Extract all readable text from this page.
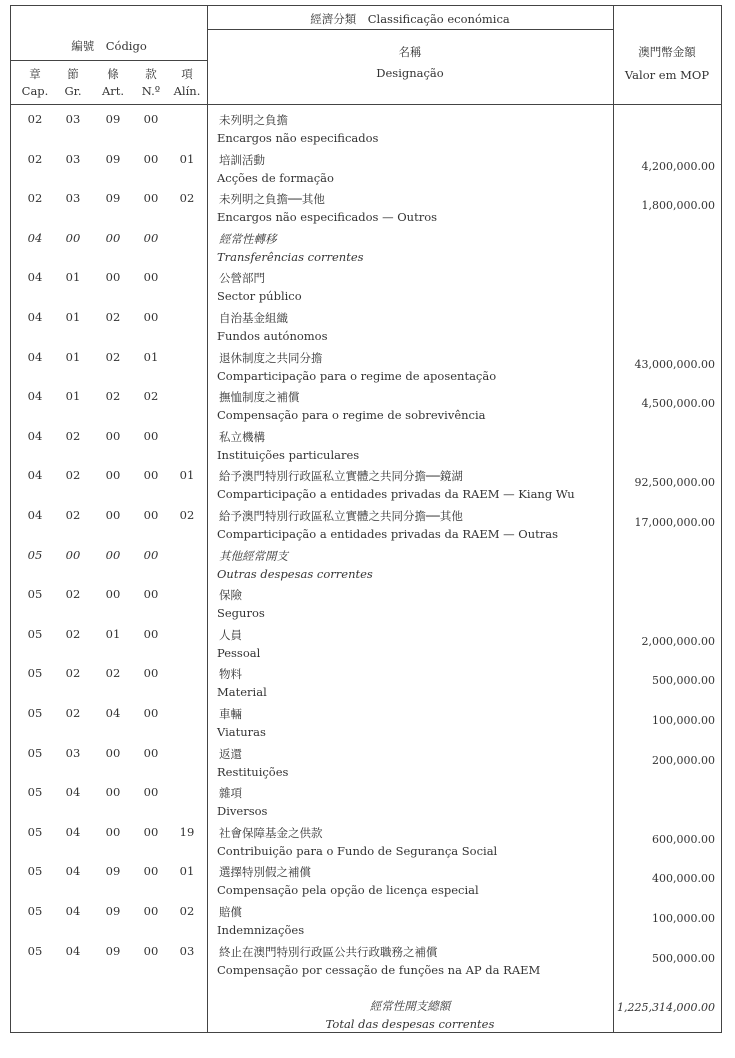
經濟分類　Classificação económica
編號　Código	名稱
Designação
澳門幣金額
Valor em MOP
章
Cap.
節
Gr.
條
Art.
款
N.º
項
Alín.
02	03	09	00	未列明之負擔
Encargos não especificados
02	03	09	00	01	培訓活動
Acções de formação
4,200,000.00
02	03	09	00	02	未列明之負擔──其他
Encargos não especificados — Outros
1,800,000.00
04	00	00	00	經常性轉移
Transferências correntes
04	01	00	00	公營部門
Sector público
04	01	02	00	自治基金組織
Fundos autónomos
04	01	02	01	退休制度之共同分擔
Comparticipação para o regime de aposentação
43,000,000.00
04	01	02	02	撫恤制度之補償
Compensação para o regime de sobrevivência
4,500,000.00
04	02	00	00	私立機構
Instituições particulares
04	02	00	00	01	給予澳門特別行政區私立實體之共同分擔──鏡湖
Comparticipação a entidades privadas da RAEM — Kiang Wu
92,500,000.00
04	02	00	00	02	給予澳門特別行政區私立實體之共同分擔──其他
Comparticipação a entidades privadas da RAEM — Outras
17,000,000.00
05	00	00	00	其他經常開支
Outras despesas correntes
05	02	00	00	保險
Seguros
05	02	01	00	人員
Pessoal
2,000,000.00
05	02	02	00	物料
Material
500,000.00
05	02	04	00	車輛
Viaturas
100,000.00
05	03	00	00	返還
Restituições
200,000.00
05	04	00	00	雜項
Diversos
05	04	00	00	19	社會保障基金之供款
Contribuição para o Fundo de Segurança Social
600,000.00
05	04	09	00	01	選擇特別假之補償
Compensação pela opção de licença especial
400,000.00
05	04	09	00	02	賠償
Indemnizações
100,000.00
05	04	09	00	03	終止在澳門特別行政區公共行政職務之補償
Compensação por cessação de funções na AP da RAEM
500,000.00
經常性開支總額
Total das despesas correntes
1,225,314,000.00
